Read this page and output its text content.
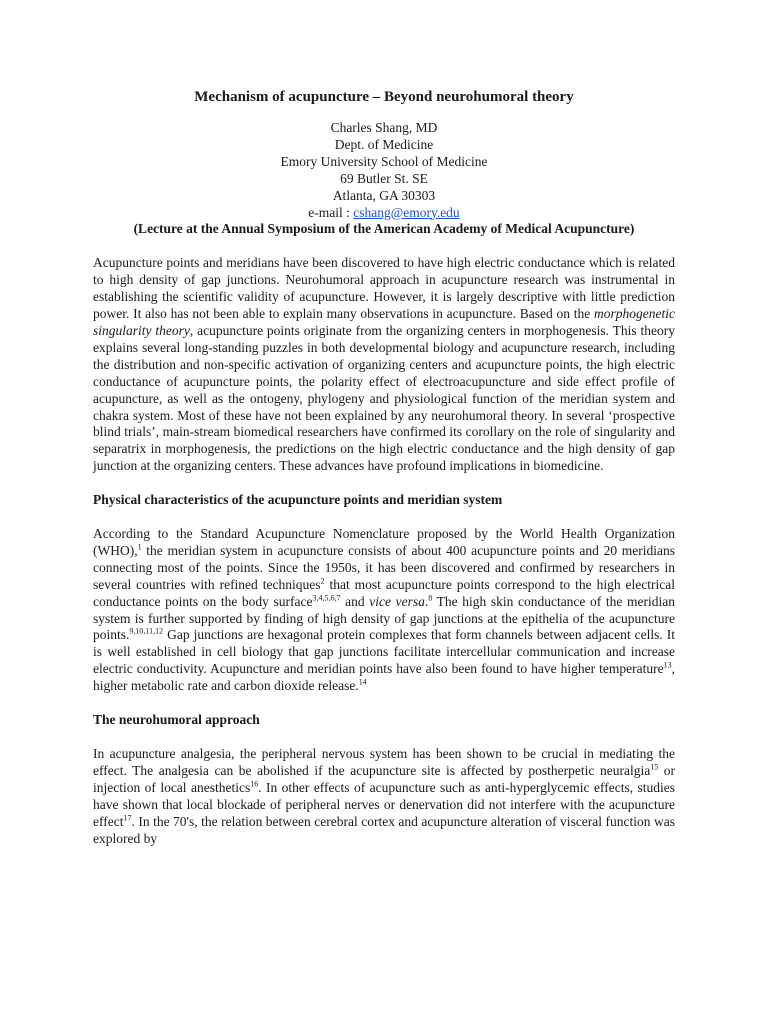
Mechanism of acupuncture – Beyond neurohumoral theory
Charles Shang, MD
Dept. of Medicine
Emory University School of Medicine
69 Butler St. SE
Atlanta, GA 30303
e-mail : cshang@emory.edu
(Lecture at the Annual Symposium of the American Academy of Medical Acupuncture)

Acupuncture points and meridians have been discovered to have high electric conductance which is related to high density of gap junctions. Neurohumoral approach in acupuncture research was instrumental in establishing the scientific validity of acupuncture. However, it is largely descriptive with little prediction power. It also has not been able to explain many observations in acupuncture. Based on the morphogenetic singularity theory, acupuncture points originate from the organizing centers in morphogenesis. This theory explains several long-standing puzzles in both developmental biology and acupuncture research, including the distribution and non-specific activation of organizing centers and acupuncture points, the high electric conductance of acupuncture points, the polarity effect of electroacupuncture and side effect profile of acupuncture, as well as the ontogeny, phylogeny and physiological function of the meridian system and chakra system. Most of these have not been explained by any neurohumoral theory. In several ‘prospective blind trials’, main-stream biomedical researchers have confirmed its corollary on the role of singularity and separatrix in morphogenesis, the predictions on the high electric conductance and the high density of gap junction at the organizing centers. These advances have profound implications in biomedicine.

Physical characteristics of the acupuncture points and meridian system

According to the Standard Acupuncture Nomenclature proposed by the World Health Organization (WHO),$^1$ the meridian system in acupuncture consists of about 400 acupuncture points and 20 meridians connecting most of the points. Since the 1950s, it has been discovered and confirmed by researchers in several countries with refined techniques$^2$ that most acupuncture points correspond to the high electrical conductance points on the body surface$^{3,4,5,6,7}$ and vice versa.$^8$ The high skin conductance of the meridian system is further supported by finding of high density of gap junctions at the epithelia of the acupuncture points.$^{9,10,11,12}$ Gap junctions are hexagonal protein complexes that form channels between adjacent cells. It is well established in cell biology that gap junctions facilitate intercellular communication and increase electric conductivity. Acupuncture and meridian points have also been found to have higher temperature$^{13}$, higher metabolic rate and carbon dioxide release.$^{14}$

The neurohumoral approach

In acupuncture analgesia, the peripheral nervous system has been shown to be crucial in mediating the effect. The analgesia can be abolished if the acupuncture site is affected by postherpetic neuralgia$^{15}$ or injection of local anesthetics$^{16}$. In other effects of acupuncture such as anti-hyperglycemic effects, studies have shown that local blockade of peripheral nerves or denervation did not interfere with the acupuncture effect$^{17}$. In the 70's, the relation between cerebral cortex and acupuncture alteration of visceral function was explored by
